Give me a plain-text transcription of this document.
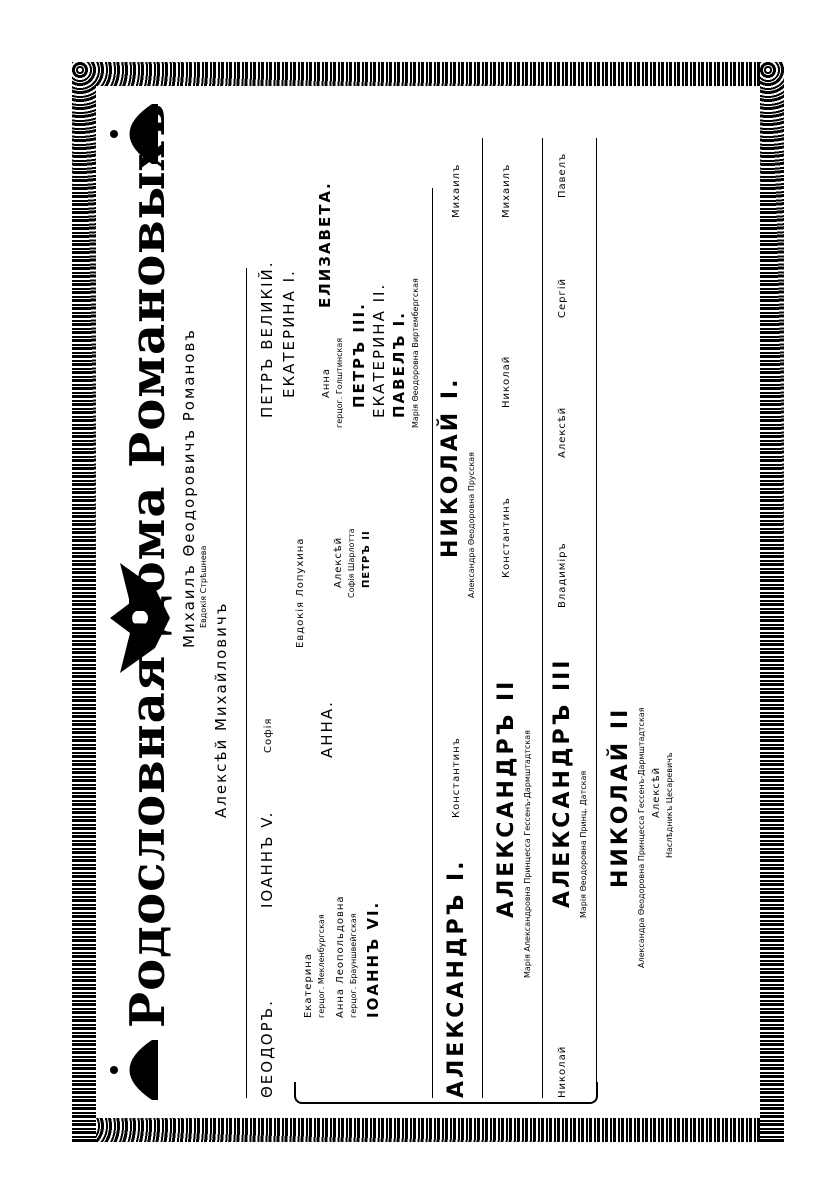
Родословная Дома Романовыхъ Михаилъ Θеодоровичъ Романовъ Евдокія Стрѣшнева
Алексѣй Михайловичъ
ΘЕОДОРЪ.
ІОАННЪ V.
Софія
ПЕТРЪ ВЕЛИКІЙ. ЕКАТЕРИНА I.
Екатерина герцог. Мекленбургская Анна Леопольдовна герцог. Брауншвейгская ІОАННЪ VI.
АННА.
Евдокія Лопухина	Алексѣй Софія Шарлотта ПЕТРЪ II
Анна герцог. Голштинская
ЕЛИЗАВЕТА.
ПЕТРЪ III. ЕКАТЕРИНА II. ПАВЕЛЪ I. Марія Θеодоровна Виртембергская
АЛЕКСАНДРЪ I.
Константинъ
НИКОЛАЙ I. Александра Θеодоровна Прусская
Михаилъ
АЛЕКСАНДРЪ II Марія Александровна Принцесса Гессенъ-Дармштадтская
Константинъ
Николай
Михаилъ
Николай
АЛЕКСАНДРЪ III Марія Θеодоровна Принц. Датская
Владиміръ
Алексѣй
Сергій
Павелъ
НИКОЛАЙ II Александра Θеодоровна Принцесса Гессенъ-Дармштадтская Алексѣй Наслѣдникъ Цесаревичъ
